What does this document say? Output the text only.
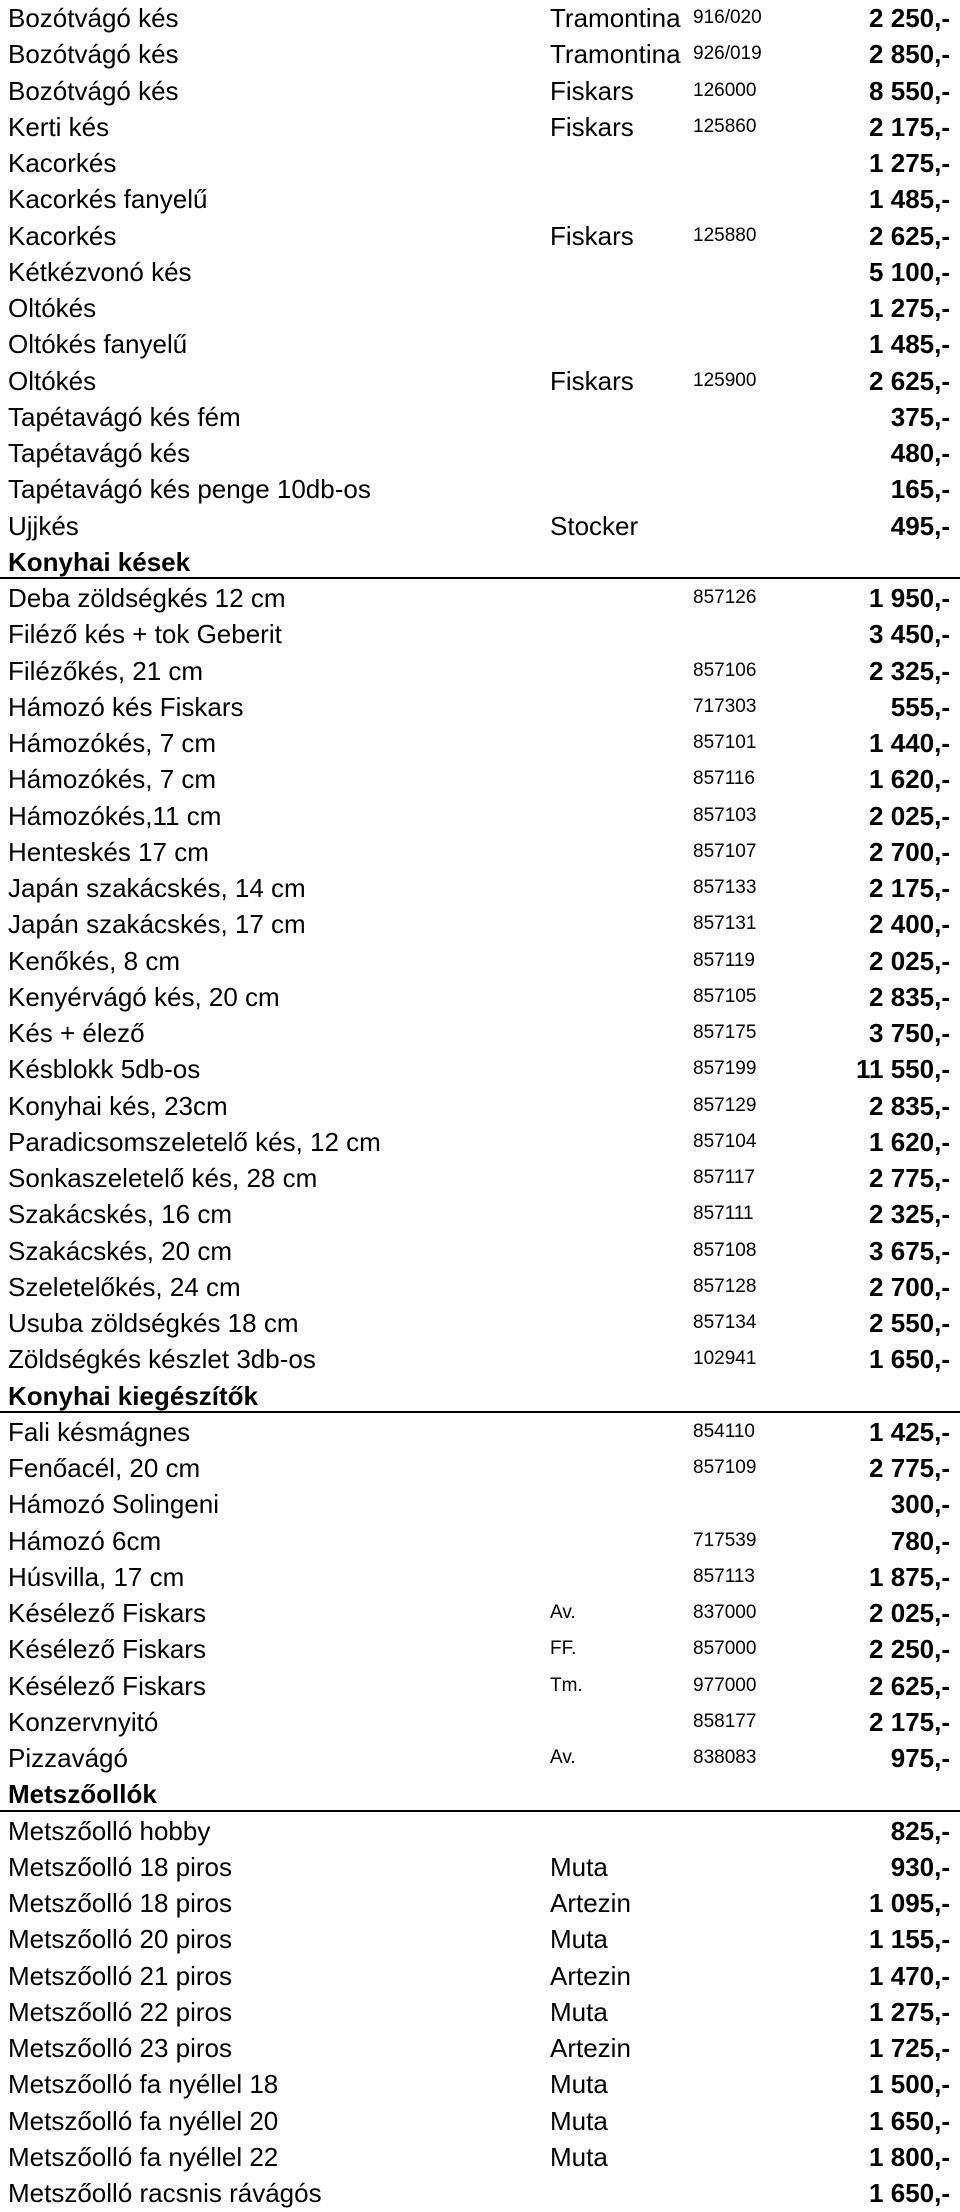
Bozótvágó kés	Tramontina 916/020	2 250,-
Bozótvágó kés	Tramontina 926/019	2 850,-
Bozótvágó kés	Fiskars	126000	8 550,-
Kerti kés	Fiskars	125860	2 175,-
Kacorkés	1 275,-
Kacorkés fanyelű	1 485,-
Kacorkés	Fiskars	125880	2 625,-
Kétkézvonó kés	5 100,-
Oltókés	1 275,-
Oltókés fanyelű	1 485,-
Oltókés	Fiskars	125900	2 625,-
Tapétavágó kés fém	375,-
Tapétavágó kés	480,-
Tapétavágó kés penge 10db-os	165,-
Ujjkés	Stocker	495,-
Konyhai kések
Deba zöldségkés 12 cm	857126	1 950,-
Filéző kés + tok Geberit	3 450,-
Filézőkés, 21 cm	857106	2 325,-
Hámozó kés Fiskars	717303	555,-
Hámozókés, 7 cm	857101	1 440,-
Hámozókés, 7 cm	857116	1 620,-
Hámozókés,11 cm	857103	2 025,-
Henteskés 17 cm	857107	2 700,-
Japán szakácskés, 14 cm	857133	2 175,-
Japán szakácskés, 17 cm	857131	2 400,-
Kenőkés, 8 cm	857119	2 025,-
Kenyérvágó kés, 20 cm	857105	2 835,-
Kés + élező	857175	3 750,-
Késblokk 5db-os	857199	11 550,-
Konyhai kés, 23cm	857129	2 835,-
Paradicsomszeletelő kés, 12 cm	857104	1 620,-
Sonkaszeletelő kés, 28 cm	857117	2 775,-
Szakácskés, 16 cm	857111	2 325,-
Szakácskés, 20 cm	857108	3 675,-
Szeletelőkés, 24 cm	857128	2 700,-
Usuba zöldségkés 18 cm	857134	2 550,-
Zöldségkés készlet 3db-os	102941	1 650,-
Konyhai kiegészítők
Fali késmágnes	854110	1 425,-
Fenőacél, 20 cm	857109	2 775,-
Hámozó Solingeni	300,-
Hámozó 6cm	717539	780,-
Húsvilla, 17 cm	857113	1 875,-
Késélező Fiskars	Av.	837000	2 025,-
Késélező Fiskars	FF.	857000	2 250,-
Késélező Fiskars	Tm.	977000	2 625,-
Konzervnyitó	858177	2 175,-
Pizzavágó	Av.	838083	975,-
Metszőollók
Metszőolló hobby	825,-
Metszőolló 18 piros	Muta	930,-
Metszőolló 18 piros	Artezin	1 095,-
Metszőolló 20 piros	Muta	1 155,-
Metszőolló 21 piros	Artezin	1 470,-
Metszőolló 22 piros	Muta	1 275,-
Metszőolló 23 piros	Artezin	1 725,-
Metszőolló fa nyéllel 18	Muta	1 500,-
Metszőolló fa nyéllel 20	Muta	1 650,-
Metszőolló fa nyéllel 22	Muta	1 800,-
Metszőolló racsnis rávágós	1 650,-
